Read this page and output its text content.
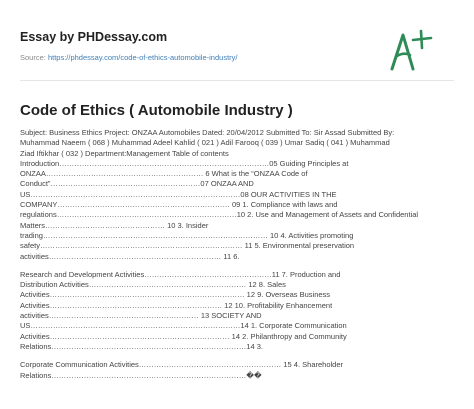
Essay by PHDessay.com

Source: https://phdessay.com/code-of-ethics-automobile-industry/
Code of Ethics ( Automobile Industry )
Subject: Business Ethics Project: ONZAA Automobiles Dated: 20/04/2012 Submitted To: Sir Assad Submitted By:
Muhammad Naeem ( 068 ) Muhammad Adeel Kahlid ( 021 ) Adil Farooq ( 039 ) Umar Sadiq ( 041 ) Muhammad
Ziad Iftikhar ( 032 ) Department:Management Table of contents
Introduction…………………………………………………………………………05 Guiding Principles at
ONZAA……………………………………………………… 6 What is the “ONZAA Code of
Conduct”……………………………………………………07 ONZAA AND
US…………………………………………………………………………08 OUR ACTIVITIES IN THE
COMPANY…………………………………………………………… 09 1. Compliance with laws and
regulations………………………………………………………………10 2. Use and Management of Assets and Confidential
Matters………………………………………… 10 3. Insider
trading……………………………………………………………………………… 10 4. Activities promoting
safety……………………………………………………………………… 11 5. Environmental preservation
activities…………………………………………………………… 11 6.
Research and Development Activities……………………………………………11 7. Production and
Distribution Activities……………………………………………………… 12 8. Sales
Activities…………………………………………………………………… 12 9. Overseas Business
Activities…………………………………………………………… 12 10. Profitability Enhancement
activities…………………………………………………… 13 SOCIETY AND
US…………………………………………………………………………14 1. Corporate Communication
Activities……………………………………………………………… 14 2. Philanthropy and Community
Relations……………………………………………………………………14 3.
Corporate Communication Activities………………………………………………… 15 4. Shareholder
Relations……………………………………………………………………��
